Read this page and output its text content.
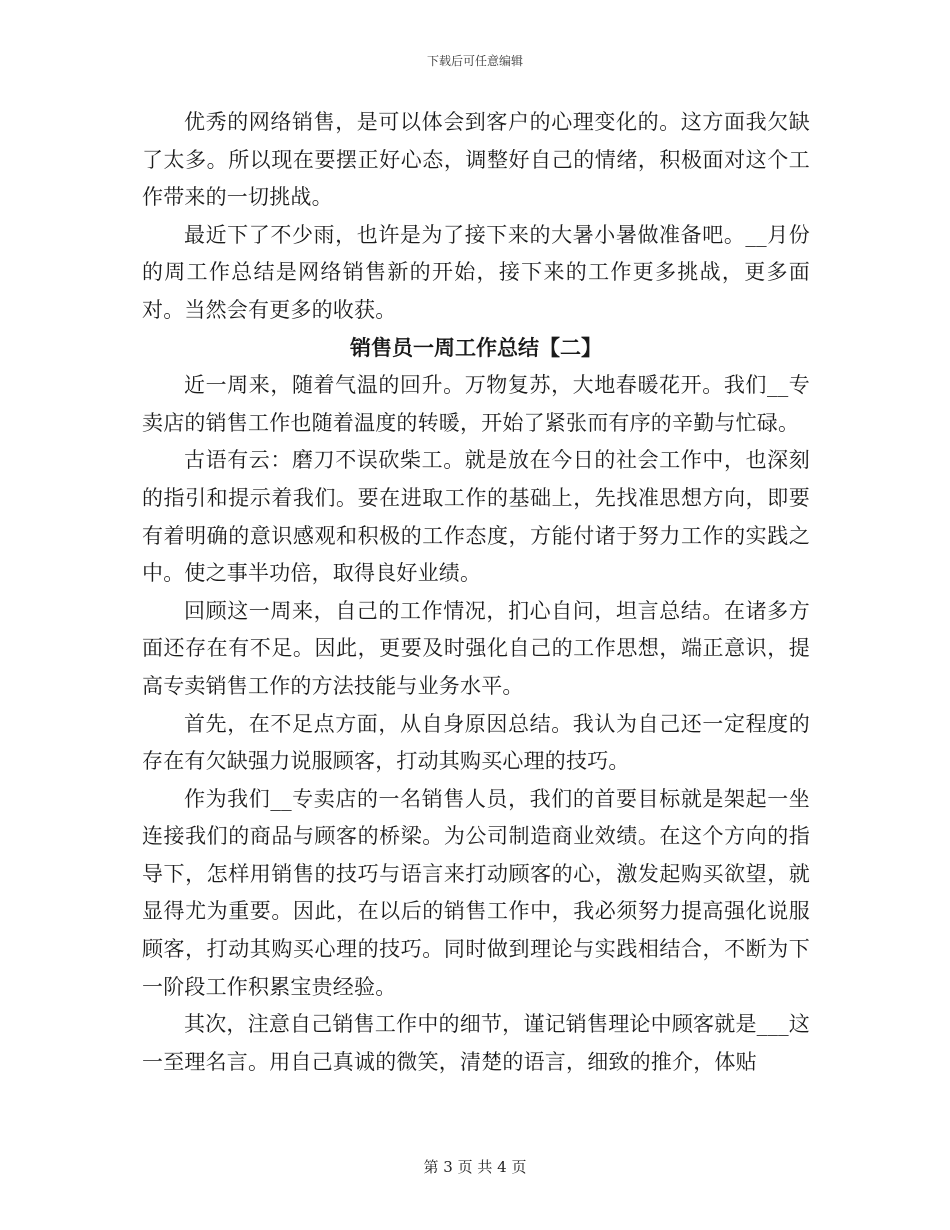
下载后可任意编辑

优秀的网络销售，是可以体会到客户的心理变化的。这方面我欠缺了太多。所以现在要摆正好心态，调整好自己的情绪，积极面对这个工作带来的一切挑战。

最近下了不少雨，也许是为了接下来的大暑小暑做准备吧。__月份的周工作总结是网络销售新的开始，接下来的工作更多挑战，更多面对。当然会有更多的收获。

销售员一周工作总结【二】

近一周来，随着气温的回升。万物复苏，大地春暖花开。我们__专卖店的销售工作也随着温度的转暖，开始了紧张而有序的辛勤与忙碌。

古语有云：磨刀不误砍柴工。就是放在今日的社会工作中，也深刻的指引和提示着我们。要在进取工作的基础上，先找准思想方向，即要有着明确的意识感观和积极的工作态度，方能付诸于努力工作的实践之中。使之事半功倍，取得良好业绩。

回顾这一周来，自己的工作情况，扪心自问，坦言总结。在诸多方面还存在有不足。因此，更要及时强化自己的工作思想，端正意识，提高专卖销售工作的方法技能与业务水平。

首先，在不足点方面，从自身原因总结。我认为自己还一定程度的存在有欠缺强力说服顾客，打动其购买心理的技巧。

作为我们__专卖店的一名销售人员，我们的首要目标就是架起一坐连接我们的商品与顾客的桥梁。为公司制造商业效绩。在这个方向的指导下，怎样用销售的技巧与语言来打动顾客的心，激发起购买欲望，就显得尤为重要。因此，在以后的销售工作中，我必须努力提高强化说服顾客，打动其购买心理的技巧。同时做到理论与实践相结合，不断为下一阶段工作积累宝贵经验。

其次，注意自己销售工作中的细节，谨记销售理论中顾客就是___这一至理名言。用自己真诚的微笑，清楚的语言，细致的推介，体贴

第 3 页 共 4 页
